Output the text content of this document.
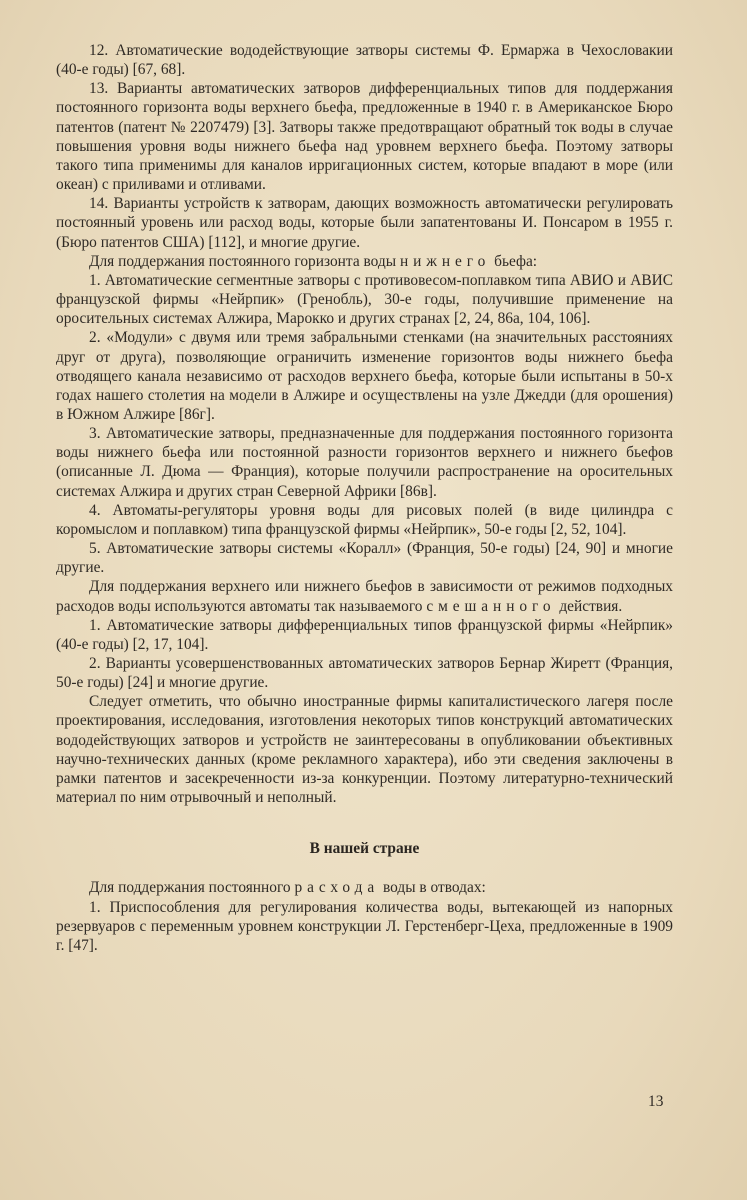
12. Автоматические вододействующие затворы системы Ф. Ермаржа в Чехословакии (40-е годы) [67, 68].

13. Варианты автоматических затворов дифференциальных типов для поддержания постоянного горизонта воды верхнего бьефа, предложенные в 1940 г. в Американское Бюро патентов (патент № 2207479) [3]. Затворы также предотвращают обратный ток воды в случае повышения уровня воды нижнего бьефа над уровнем верхнего бьефа. Поэтому затворы такого типа применимы для каналов ирригационных систем, которые впадают в море (или океан) с приливами и отливами.

14. Варианты устройств к затворам, дающих возможность автоматически регулировать постоянный уровень или расход воды, которые были запатентованы И. Понсаром в 1955 г. (Бюро патентов США) [112], и многие другие.

Для поддержания постоянного горизонта воды нижнего бьефа:

1. Автоматические сегментные затворы с противовесом-поплавком типа АВИО и АВИС французской фирмы «Нейрпик» (Гренобль), 30-е годы, получившие применение на оросительных системах Алжира, Марокко и других странах [2, 24, 86а, 104, 106].

2. «Модули» с двумя или тремя забральными стенками (на значительных расстояниях друг от друга), позволяющие ограничить изменение горизонтов воды нижнего бьефа отводящего канала независимо от расходов верхнего бьефа, которые были испытаны в 50-х годах нашего столетия на модели в Алжире и осуществлены на узле Джедди (для орошения) в Южном Алжире [86г].

3. Автоматические затворы, предназначенные для поддержания постоянного горизонта воды нижнего бьефа или постоянной разности горизонтов верхнего и нижнего бьефов (описанные Л. Дюма — Франция), которые получили распространение на оросительных системах Алжира и других стран Северной Африки [86в].

4. Автоматы-регуляторы уровня воды для рисовых полей (в виде цилиндра с коромыслом и поплавком) типа французской фирмы «Нейрпик», 50-е годы [2, 52, 104].

5. Автоматические затворы системы «Коралл» (Франция, 50-е годы) [24, 90] и многие другие.

Для поддержания верхнего или нижнего бьефов в зависимости от режимов подходных расходов воды используются автоматы так называемого смешанного действия.

1. Автоматические затворы дифференциальных типов французской фирмы «Нейрпик» (40-е годы) [2, 17, 104].

2. Варианты усовершенствованных автоматических затворов Бернар Жиретт (Франция, 50-е годы) [24] и многие другие.

Следует отметить, что обычно иностранные фирмы капиталистического лагеря после проектирования, исследования, изготовления некоторых типов конструкций автоматических вододействующих затворов и устройств не заинтересованы в опубликовании объективных научно-технических данных (кроме рекламного характера), ибо эти сведения заключены в рамки патентов и засекреченности из-за конкуренции. Поэтому литературно-технический материал по ним отрывочный и неполный.

В нашей стране

Для поддержания постоянного расхода воды в отводах:

1. Приспособления для регулирования количества воды, вытекающей из напорных резервуаров с переменным уровнем конструкции Л. Герстенберг-Цеха, предложенные в 1909 г. [47].

13
